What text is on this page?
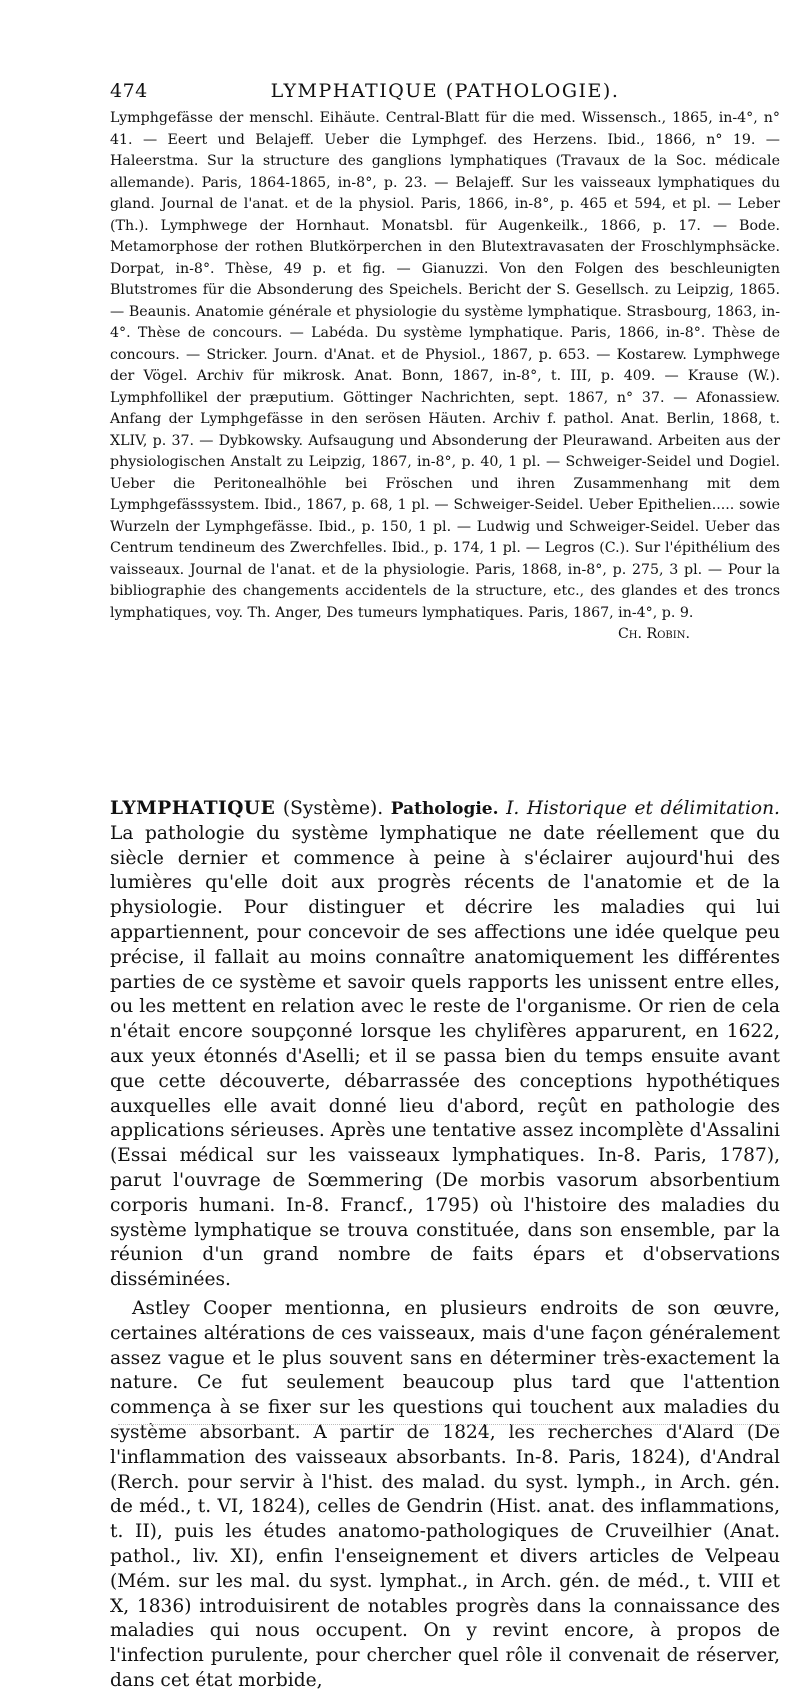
474	LYMPHATIQUE (PATHOLOGIE).
Lymphgefässe der menschl. Eihäute. Central-Blatt für die med. Wissensch., 1865, in-4°, n° 41. — Eeert und Belajeff. Ueber die Lymphgef. des Herzens. Ibid., 1866, n° 19. — Haleerstma. Sur la structure des ganglions lymphatiques (Travaux de la Soc. médicale allemande). Paris, 1864-1865, in-8°, p. 23. — Belajeff. Sur les vaisseaux lymphatiques du gland. Journal de l'anat. et de la physiol. Paris, 1866, in-8°, p. 465 et 594, et pl. — Leber (Th.). Lymphwege der Hornhaut. Monatsbl. für Augenkeilk., 1866, p. 17. — Bode. Metamorphose der rothen Blutkörperchen in den Blutextravasaten der Froschlymphsäcke. Dorpat, in-8°. Thèse, 49 p. et fig. — Gianuzzi. Von den Folgen des beschleunigten Blutstromes für die Absonderung des Speichels. Bericht der S. Gesellsch. zu Leipzig, 1865. — Beaunis. Anatomie générale et physiologie du système lymphatique. Strasbourg, 1863, in-4°. Thèse de concours. — Labéda. Du système lymphatique. Paris, 1866, in-8°. Thèse de concours. — Stricker. Journ. d'Anat. et de Physiol., 1867, p. 653. — Kostarew. Lymphwege der Vögel. Archiv für mikrosk. Anat. Bonn, 1867, in-8°, t. III, p. 409. — Krause (W.). Lymphfollikel der præputium. Göttinger Nachrichten, sept. 1867, n° 37. — Afonassiew. Anfang der Lymphgefässe in den serösen Häuten. Archiv f. pathol. Anat. Berlin, 1868, t. XLIV, p. 37. — Dybkowsky. Aufsaugung und Absonderung der Pleurawand. Arbeiten aus der physiologischen Anstalt zu Leipzig, 1867, in-8°, p. 40, 1 pl. — Schweiger-Seidel und Dogiel. Ueber die Peritonealhöhle bei Fröschen und ihren Zusammenhang mit dem Lymphgefässsystem. Ibid., 1867, p. 68, 1 pl. — Schweiger-Seidel. Ueber Epithelien..... sowie Wurzeln der Lymphgefässe. Ibid., p. 150, 1 pl. — Ludwig und Schweiger-Seidel. Ueber das Centrum tendineum des Zwerchfelles. Ibid., p. 174, 1 pl. — Legros (C.). Sur l'épithélium des vaisseaux. Journal de l'anat. et de la physiologie. Paris, 1868, in-8°, p. 275, 3 pl. — Pour la bibliographie des changements accidentels de la structure, etc., des glandes et des troncs lymphatiques, voy. Th. Anger, Des tumeurs lymphatiques. Paris, 1867, in-4°, p. 9.
Ch. Robin.

LYMPHATIQUE (Système). Pathologie. I. Historique et délimitation. La pathologie du système lymphatique ne date réellement que du siècle dernier et commence à peine à s'éclairer aujourd'hui des lumières qu'elle doit aux progrès récents de l'anatomie et de la physiologie. Pour distinguer et décrire les maladies qui lui appartiennent, pour concevoir de ses affections une idée quelque peu précise, il fallait au moins connaître anatomiquement les différentes parties de ce système et savoir quels rapports les unissent entre elles, ou les mettent en relation avec le reste de l'organisme. Or rien de cela n'était encore soupçonné lorsque les chylifères apparurent, en 1622, aux yeux étonnés d'Aselli; et il se passa bien du temps ensuite avant que cette découverte, débarrassée des conceptions hypothétiques auxquelles elle avait donné lieu d'abord, reçût en pathologie des applications sérieuses. Après une tentative assez incomplète d'Assalini (Essai médical sur les vaisseaux lymphatiques. In-8. Paris, 1787), parut l'ouvrage de Sœmmering (De morbis vasorum absorbentium corporis humani. In-8. Francf., 1795) où l'histoire des maladies du système lymphatique se trouva constituée, dans son ensemble, par la réunion d'un grand nombre de faits épars et d'observations disséminées.

Astley Cooper mentionna, en plusieurs endroits de son œuvre, certaines altérations de ces vaisseaux, mais d'une façon généralement assez vague et le plus souvent sans en déterminer très-exactement la nature. Ce fut seulement beaucoup plus tard que l'attention commença à se fixer sur les questions qui touchent aux maladies du système absorbant. A partir de 1824, les recherches d'Alard (De l'inflammation des vaisseaux absorbants. In-8. Paris, 1824), d'Andral (Rerch. pour servir à l'hist. des malad. du syst. lymph., in Arch. gén. de méd., t. VI, 1824), celles de Gendrin (Hist. anat. des inflammations, t. II), puis les études anatomo-pathologiques de Cruveilhier (Anat. pathol., liv. XI), enfin l'enseignement et divers articles de Velpeau (Mém. sur les mal. du syst. lymphat., in Arch. gén. de méd., t. VIII et X, 1836) introduisirent de notables progrès dans la connaissance des maladies qui nous occupent. On y revint encore, à propos de l'infection purulente, pour chercher quel rôle il convenait de réserver, dans cet état morbide,
